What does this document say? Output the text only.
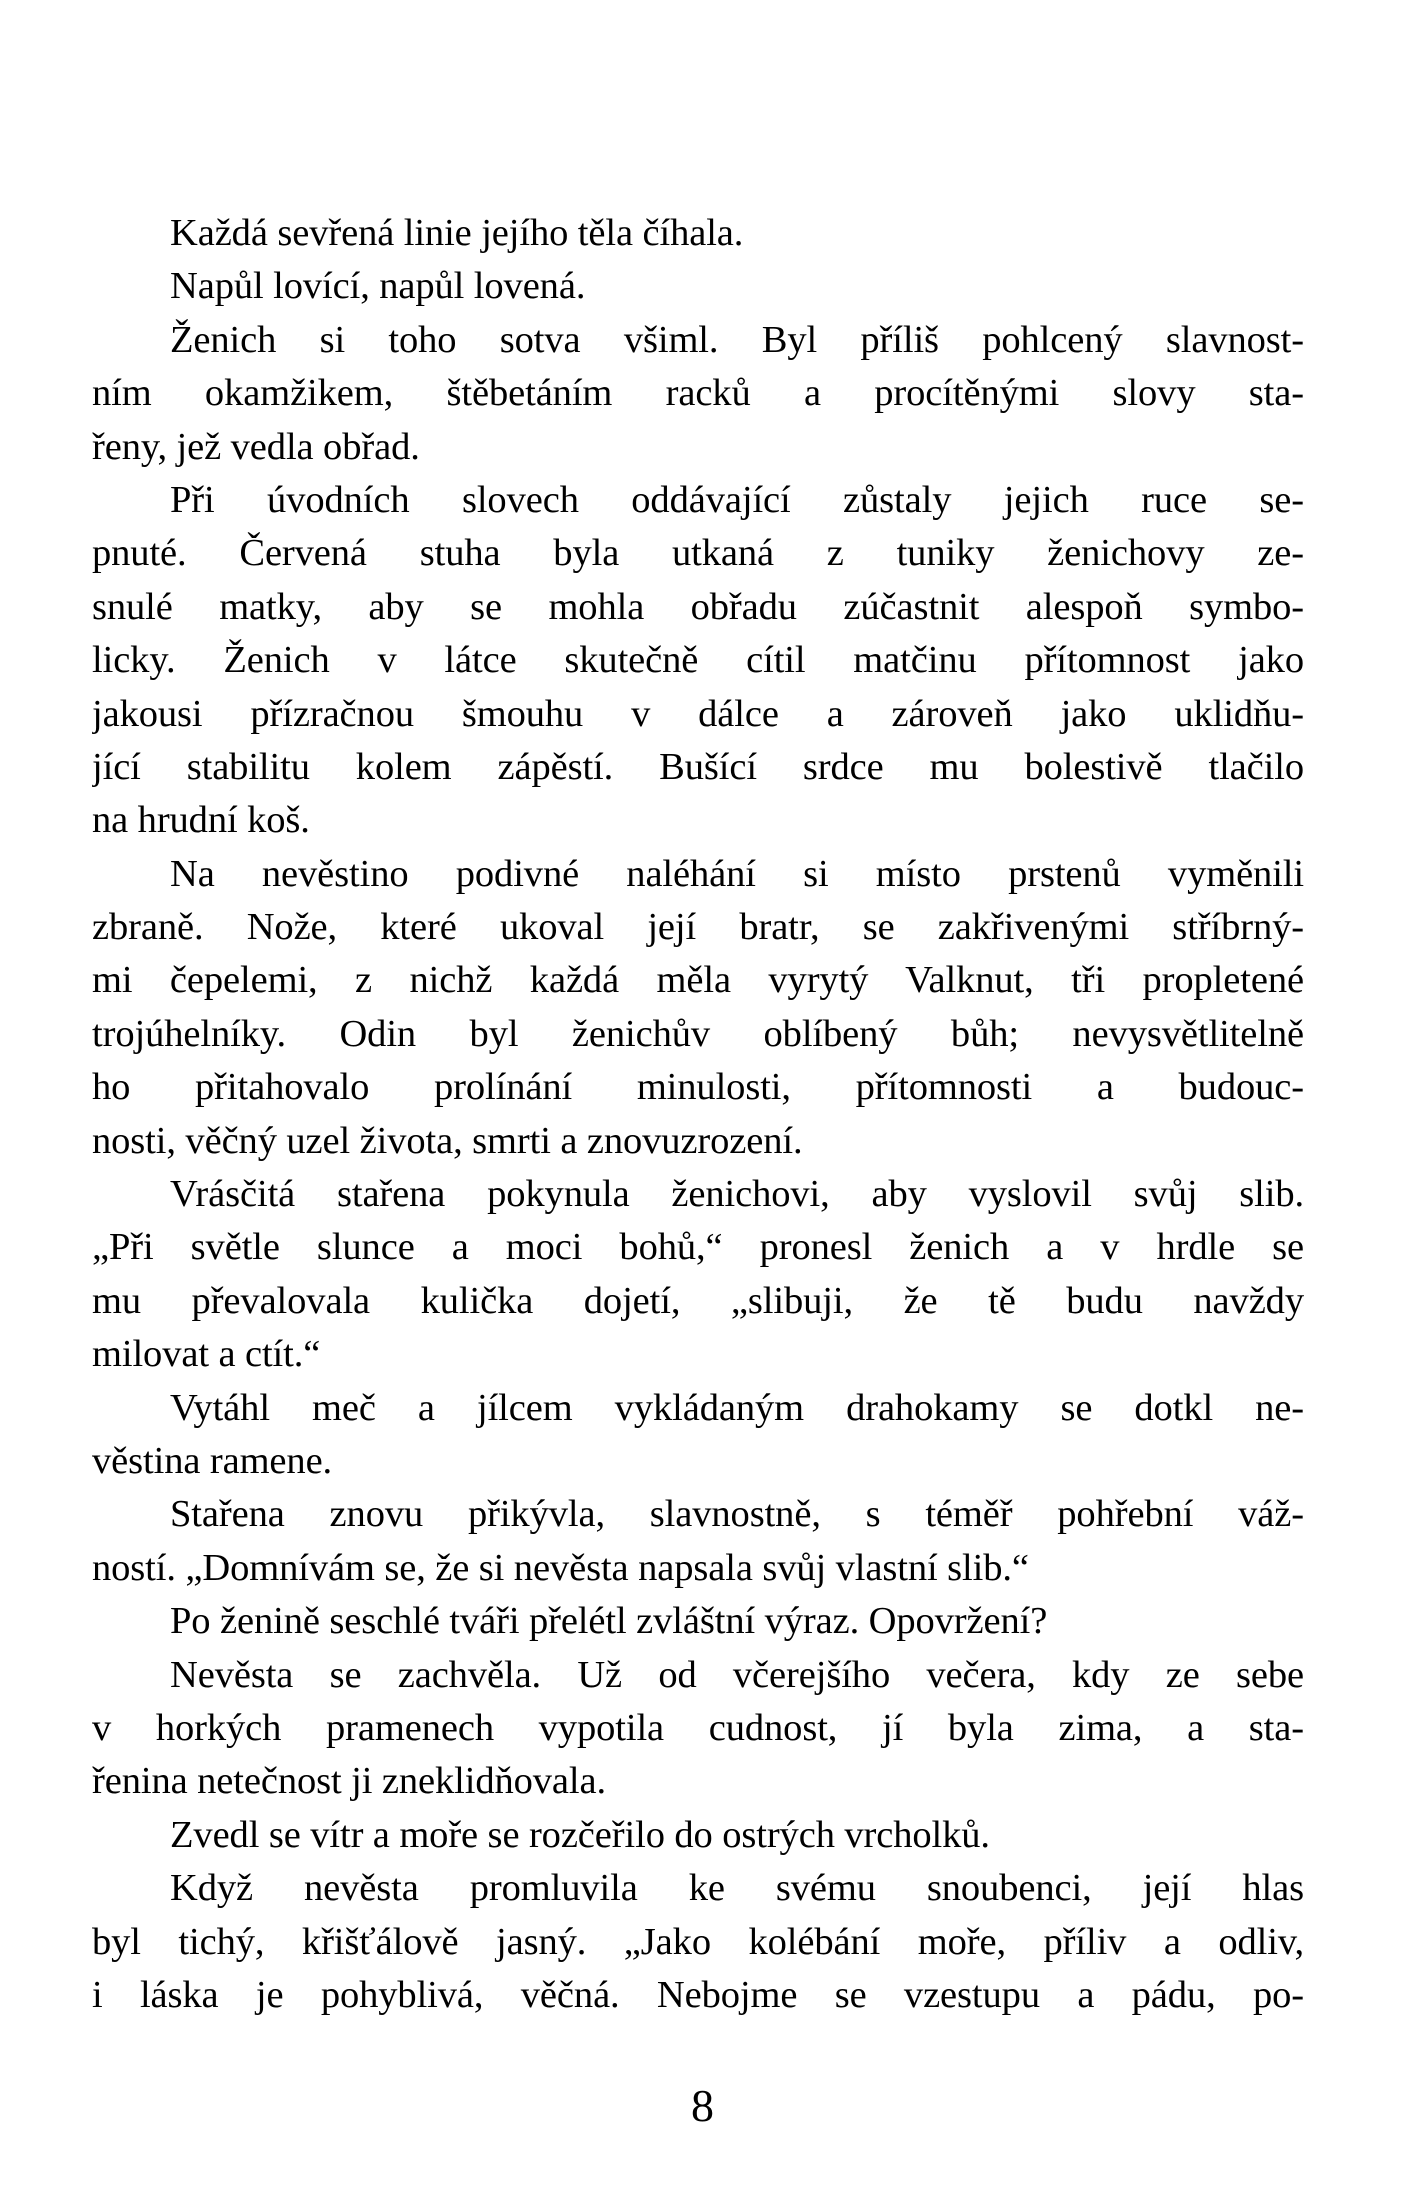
Každá sevřená linie jejího těla číhala.
Napůl lovící, napůl lovená.
Ženich si toho sotva všiml. Byl příliš pohlcený slavnost-
ním okamžikem, štěbetáním racků a procítěnými slovy sta-
řeny, jež vedla obřad.
Při úvodních slovech oddávající zůstaly jejich ruce se-
pnuté. Červená stuha byla utkaná z tuniky ženichovy ze-
snulé matky, aby se mohla obřadu zúčastnit alespoň symbo-
licky. Ženich v látce skutečně cítil matčinu přítomnost jako
jakousi přízračnou šmouhu v dálce a zároveň jako uklidňu-
jící stabilitu kolem zápěstí. Bušící srdce mu bolestivě tlačilo
na hrudní koš.
Na nevěstino podivné naléhání si místo prstenů vyměnili
zbraně. Nože, které ukoval její bratr, se zakřivenými stříbrný-
mi čepelemi, z nichž každá měla vyrytý Valknut, tři propletené
trojúhelníky. Odin byl ženichův oblíbený bůh; nevysvětlitelně
ho přitahovalo prolínání minulosti, přítomnosti a budouc-
nosti, věčný uzel života, smrti a znovuzrození.
Vrásčitá stařena pokynula ženichovi, aby vyslovil svůj slib.
„Při světle slunce a moci bohů,“ pronesl ženich a v hrdle se
mu převalovala kulička dojetí, „slibuji, že tě budu navždy
milovat a ctít.“
Vytáhl meč a jílcem vykládaným drahokamy se dotkl ne-
věstina ramene.
Stařena znovu přikývla, slavnostně, s téměř pohřební váž-
ností. „Domnívám se, že si nevěsta napsala svůj vlastní slib.“
Po ženině seschlé tváři přelétl zvláštní výraz. Opovržení?
Nevěsta se zachvěla. Už od včerejšího večera, kdy ze sebe
v horkých pramenech vypotila cudnost, jí byla zima, a sta-
řenina netečnost ji zneklidňovala.
Zvedl se vítr a moře se rozčeřilo do ostrých vrcholků.
Když nevěsta promluvila ke svému snoubenci, její hlas
byl tichý, křišťálově jasný. „Jako kolébání moře, příliv a odliv,
i láska je pohyblivá, věčná. Nebojme se vzestupu a pádu, po-
8
